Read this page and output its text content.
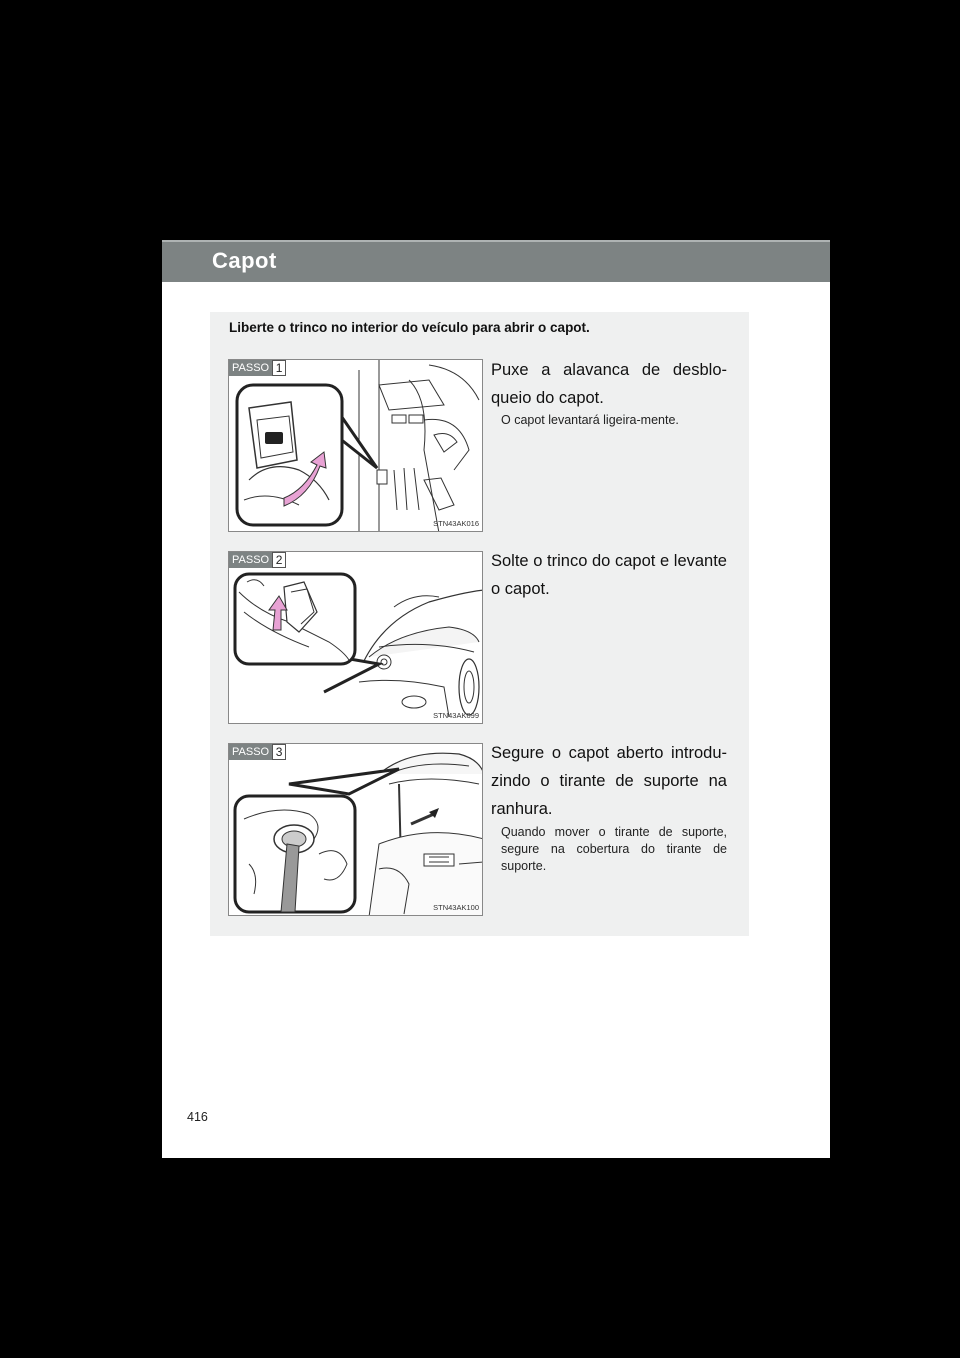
Capot
Liberte o trinco no interior do veículo para abrir o capot.
PASSO 1
STN43AK016
Puxe a alavanca de desblo-queio do capot.
O capot levantará ligeira-mente.
PASSO 2
STN43AK099
Solte o trinco do capot e levante o capot.
PASSO 3
STN43AK100
Segure o capot aberto introdu-zindo o tirante de suporte na ranhura.
Quando mover o tirante de suporte, segure na cobertura do tirante de suporte.
416
